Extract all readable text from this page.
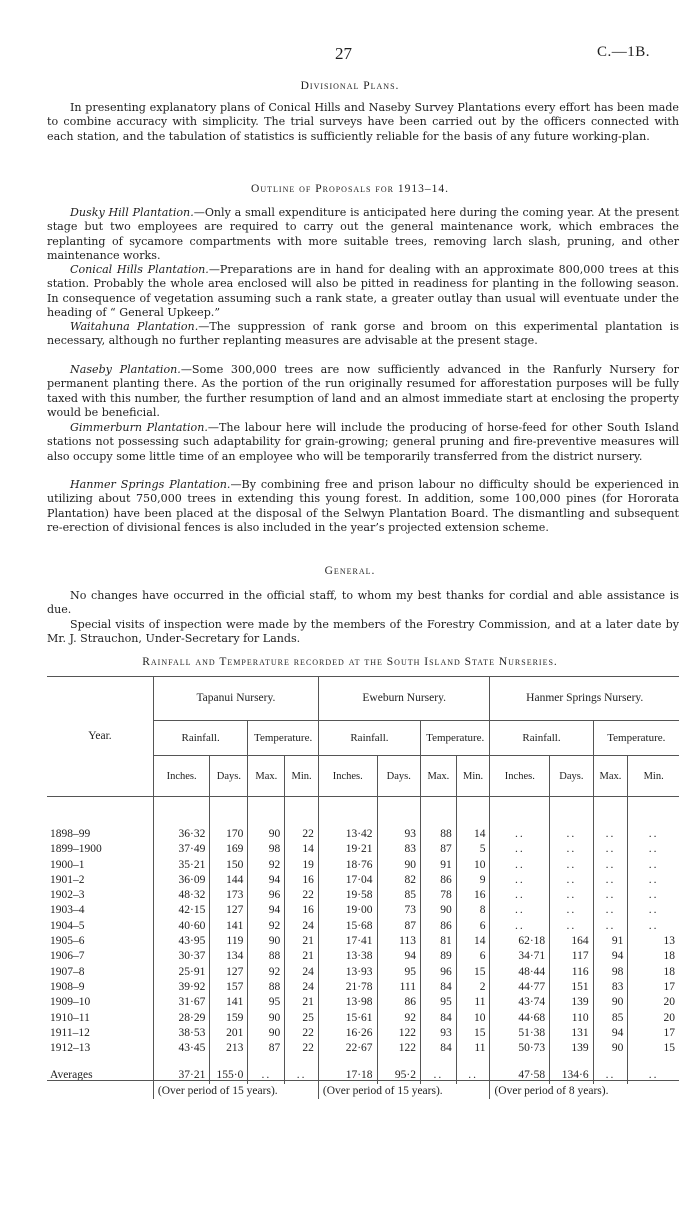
27	C.—1B.
Divisional Plans.

In presenting explanatory plans of Conical Hills and Naseby Survey Plantations every effort has been made to combine accuracy with simplicity. The trial surveys have been carried out by the officers connected with each station, and the tabulation of statistics is sufficiently reliable for the basis of any future working-plan.

Outline of Proposals for 1913–14.

Dusky Hill Plantation.—Only a small expenditure is anticipated here during the coming year. At the present stage but two employees are required to carry out the general maintenance work, which embraces the replanting of sycamore compartments with more suitable trees, removing larch slash, pruning, and other maintenance works.

Conical Hills Plantation.—Preparations are in hand for dealing with an approximate 800,000 trees at this station. Probably the whole area enclosed will also be pitted in readiness for planting in the following season. In consequence of vegetation assuming such a rank state, a greater outlay than usual will eventuate under the heading of “ General Upkeep.”

Waitahuna Plantation.—The suppression of rank gorse and broom on this experimental plantation is necessary, although no further replanting measures are advisable at the present stage.

Naseby Plantation.—Some 300,000 trees are now sufficiently advanced in the Ranfurly Nursery for permanent planting there. As the portion of the run originally resumed for afforestation purposes will be fully taxed with this number, the further resumption of land and an almost immediate start at enclosing the property would be beneficial.

Gimmerburn Plantation.—The labour here will include the producing of horse-feed for other South Island stations not possessing such adaptability for grain-growing; general pruning and fire-preventive measures will also occupy some little time of an employee who will be temporarily transferred from the district nursery.

Hanmer Springs Plantation.—By combining free and prison labour no difficulty should be experienced in utilizing about 750,000 trees in extending this young forest. In addition, some 100,000 pines (for Hororata Plantation) have been placed at the disposal of the Selwyn Plantation Board. The dismantling and subsequent re-erection of divisional fences is also included in the year’s projected extension scheme.

General.

No changes have occurred in the official staff, to whom my best thanks for cordial and able assistance is due.

Special visits of inspection were made by the members of the Forestry Commission, and at a later date by Mr. J. Strauchon, Under-Secretary for Lands.

Rainfall and Temperature recorded at the South Island State Nurseries.
Year.	Tapanui Nursery.				Eweburn Nursery.				Hanmer Springs Nursery.			
	Rainfall.		Temperature.		Rainfall.		Temperature.		Rainfall.		Temperature.	
	Inches.	Days.	Max.	Min.	Inches.	Days.	Max.	Min.	Inches.	Days.	Max.	Min.

1898–99	36·32	170	90	22	13·42	93	88	14	..	..	..	..
1899–1900	37·49	169	98	14	19·21	83	87	5	..	..	..	..
1900–1	35·21	150	92	19	18·76	90	91	10	..	..	..	..
1901–2	36·09	144	94	16	17·04	82	86	9	..	..	..	..
1902–3	48·32	173	96	22	19·58	85	78	16	..	..	..	..
1903–4	42·15	127	94	16	19·00	73	90	8	..	..	..	..
1904–5	40·60	141	92	24	15·68	87	86	6	..	..	..	..
1905–6	43·95	119	90	21	17·41	113	81	14	62·18	164	91	13
1906–7	30·37	134	88	21	13·38	94	89	6	34·71	117	94	18
1907–8	25·91	127	92	24	13·93	95	96	15	48·44	116	98	18
1908–9	39·92	157	88	24	21·78	111	84	2	44·77	151	83	17
1909–10	31·67	141	95	21	13·98	86	95	11	43·74	139	90	20
1910–11	28·29	159	90	25	15·61	92	84	10	44·68	110	85	20
1911–12	38·53	201	90	22	16·26	122	93	15	51·38	131	94	17
1912–13	43·45	213	87	22	22·67	122	84	11	50·73	139	90	15

Averages	37·21	155·0	..	..	17·18	95·2	..	..	47·58	134·6	..	..
	(Over period of 15 years).				(Over period of 15 years).				(Over period of 8 years).			
